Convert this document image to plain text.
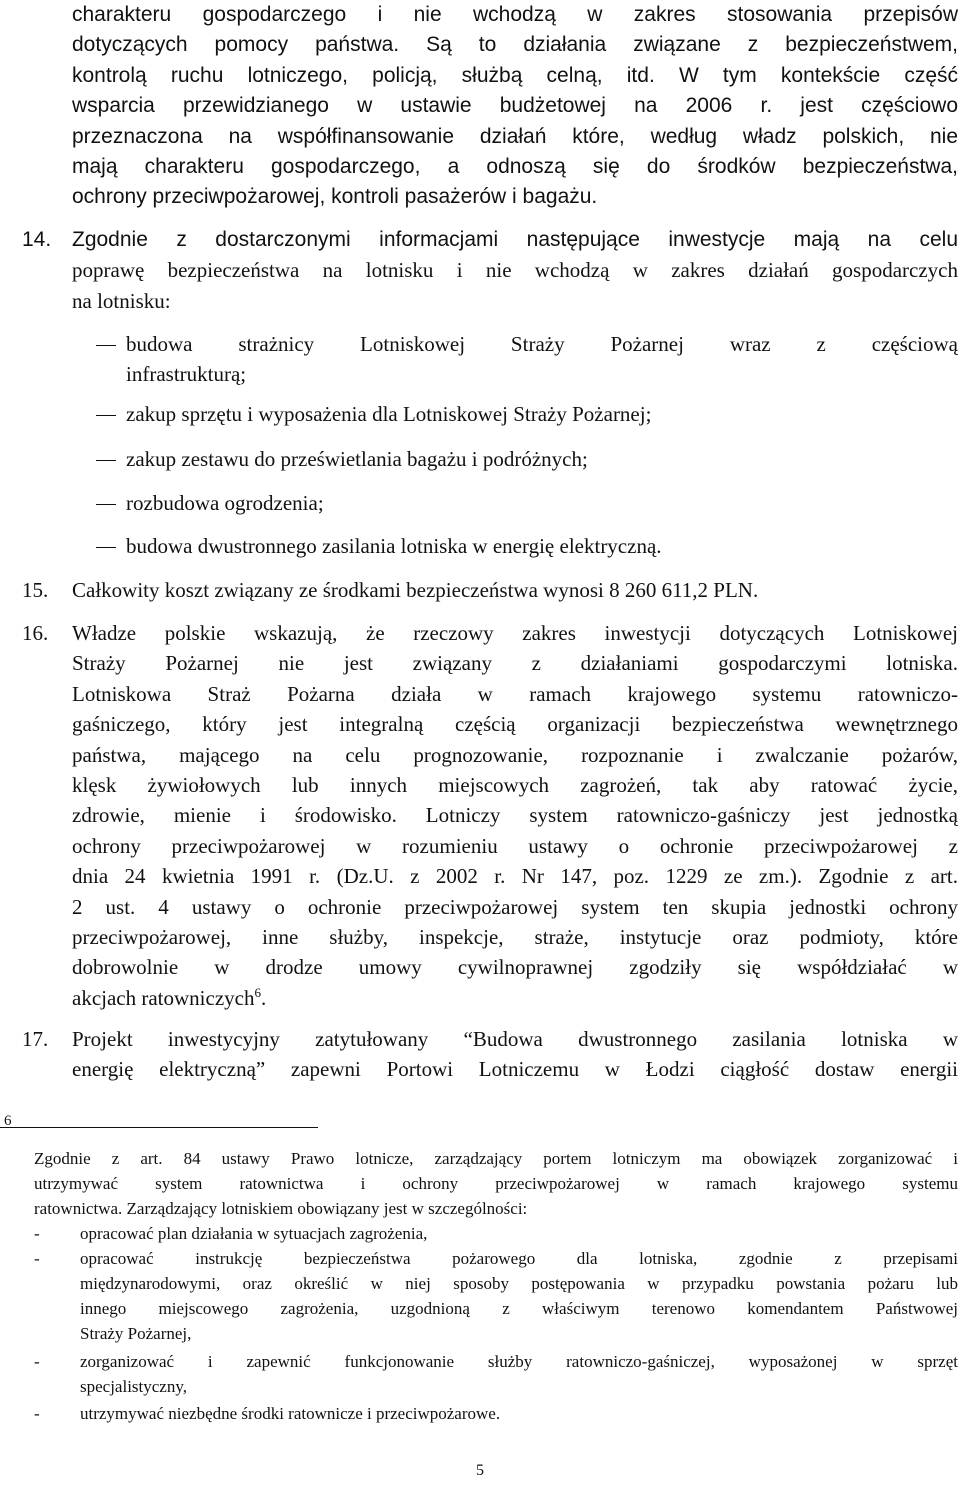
charakteru gospodarczego i nie wchodzą w zakres stosowania przepisów
dotyczących pomocy państwa. Są to działania związane z bezpieczeństwem,
kontrolą ruchu lotniczego, policją, służbą celną, itd. W tym kontekście część
wsparcia przewidzianego w ustawie budżetowej na 2006 r. jest częściowo
przeznaczona na współfinansowanie działań które, według władz polskich, nie
mają charakteru gospodarczego, a odnoszą się do środków bezpieczeństwa,
ochrony przeciwpożarowej, kontroli pasażerów i bagażu.
14. Zgodnie z dostarczonymi informacjami następujące inwestycje mają na celu
poprawę bezpieczeństwa na lotnisku i nie wchodzą w zakres działań gospodarczych
na lotnisku:
budowa strażnicy Lotniskowej Straży Pożarnej wraz z częściową
infrastrukturą;

zakup sprzętu i wyposażenia dla Lotniskowej Straży Pożarnej;

zakup zestawu do prześwietlania bagażu i podróżnych;

rozbudowa ogrodzenia;

budowa dwustronnego zasilania lotniska w energię elektryczną.

15. Całkowity koszt związany ze środkami bezpieczeństwa wynosi 8 260 611,2 PLN.

16. Władze polskie wskazują, że rzeczowy zakres inwestycji dotyczących Lotniskowej
Straży Pożarnej nie jest związany z działaniami gospodarczymi lotniska.
Lotniskowa Straż Pożarna działa w ramach krajowego systemu ratowniczo-
gaśniczego, który jest integralną częścią organizacji bezpieczeństwa wewnętrznego
państwa, mającego na celu prognozowanie, rozpoznanie i zwalczanie pożarów,
klęsk żywiołowych lub innych miejscowych zagrożeń, tak aby ratować życie,
zdrowie, mienie i środowisko. Lotniczy system ratowniczo-gaśniczy jest jednostką
ochrony przeciwpożarowej w rozumieniu ustawy o ochronie przeciwpożarowej z
dnia 24 kwietnia 1991 r. (Dz.U. z 2002 r. Nr 147, poz. 1229 ze zm.). Zgodnie z art.
2 ust. 4 ustawy o ochronie przeciwpożarowej system ten skupia jednostki ochrony
przeciwpożarowej, inne służby, inspekcje, straże, instytucje oraz podmioty, które
dobrowolnie w drodze umowy cywilnoprawnej zgodziły się współdziałać w
akcjach ratowniczych$^6$.
17. Projekt inwestycyjny zatytułowany “Budowa dwustronnego zasilania lotniska w
energię elektryczną” zapewni Portowi Lotniczemu w Łodzi ciągłość dostaw energii
6
Zgodnie z art. 84 ustawy Prawo lotnicze, zarządzający portem lotniczym ma obowiązek zorganizować i
utrzymywać system ratownictwa i ochrony przeciwpożarowej w ramach krajowego systemu
ratownictwa. Zarządzający lotniskiem obowiązany jest w szczególności:
- opracować plan działania w sytuacjach zagrożenia,
- opracować instrukcję bezpieczeństwa pożarowego dla lotniska, zgodnie z przepisami
międzynarodowymi, oraz określić w niej sposoby postępowania w przypadku powstania pożaru lub
innego miejscowego zagrożenia, uzgodnioną z właściwym terenowo komendantem Państwowej
Straży Pożarnej,
- zorganizować i zapewnić funkcjonowanie służby ratowniczo-gaśniczej, wyposażonej w sprzęt
specjalistyczny,
- utrzymywać niezbędne środki ratownicze i przeciwpożarowe.
5
